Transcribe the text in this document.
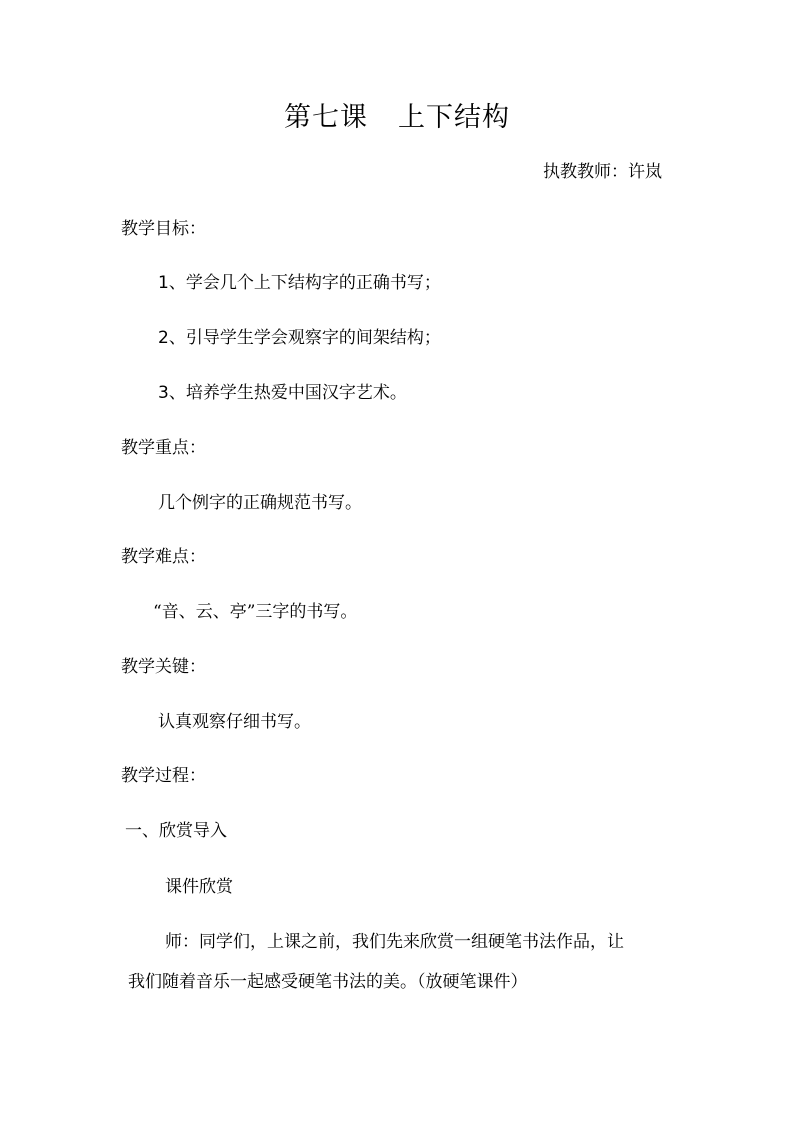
第七课 上下结构
执教教师：许岚
教学目标：
1、学会几个上下结构字的正确书写；
2、引导学生学会观察字的间架结构；
3、培养学生热爱中国汉字艺术。
教学重点：
几个例字的正确规范书写。
教学难点：
“音、云、亭”三字的书写。
教学关键：
认真观察仔细书写。
教学过程：
一、欣赏导入
课件欣赏
师：同学们，上课之前，我们先来欣赏一组硬笔书法作品，让
我们随着音乐一起感受硬笔书法的美。（放硬笔课件）
